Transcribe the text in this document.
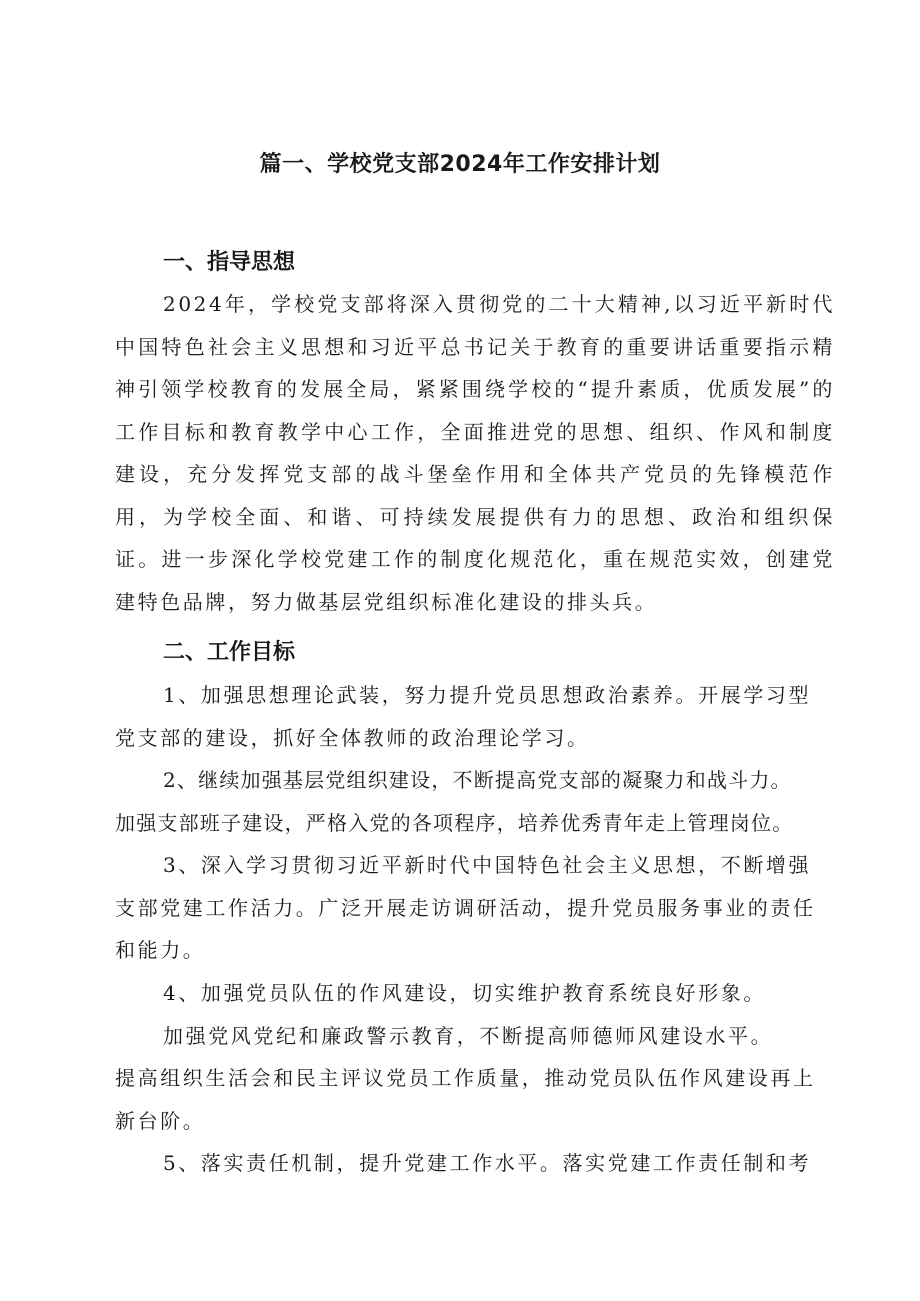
篇一、学校党支部2024年工作安排计划
一、指导思想

2024年，学校党支部将深入贯彻党的二十大精神,以习近平新时代中国特色社会主义思想和习近平总书记关于教育的重要讲话重要指示精神引领学校教育的发展全局，紧紧围绕学校的“提升素质，优质发展”的工作目标和教育教学中心工作，全面推进党的思想、组织、作风和制度建设，充分发挥党支部的战斗堡垒作用和全体共产党员的先锋模范作用，为学校全面、和谐、可持续发展提供有力的思想、政治和组织保证。进一步深化学校党建工作的制度化规范化，重在规范实效，创建党建特色品牌，努力做基层党组织标准化建设的排头兵。

二、工作目标

1、加强思想理论武装，努力提升党员思想政治素养。开展学习型

党支部的建设，抓好全体教师的政治理论学习。

2、继续加强基层党组织建设，不断提高党支部的凝聚力和战斗力。

加强支部班子建设，严格入党的各项程序，培养优秀青年走上管理岗位。

3、深入学习贯彻习近平新时代中国特色社会主义思想，不断增强

支部党建工作活力。广泛开展走访调研活动，提升党员服务事业的责任

和能力。

4、加强党员队伍的作风建设，切实维护教育系统良好形象。

加强党风党纪和廉政警示教育，不断提高师德师风建设水平。

提高组织生活会和民主评议党员工作质量，推动党员队伍作风建设再上

新台阶。

5、落实责任机制，提升党建工作水平。落实党建工作责任制和考
